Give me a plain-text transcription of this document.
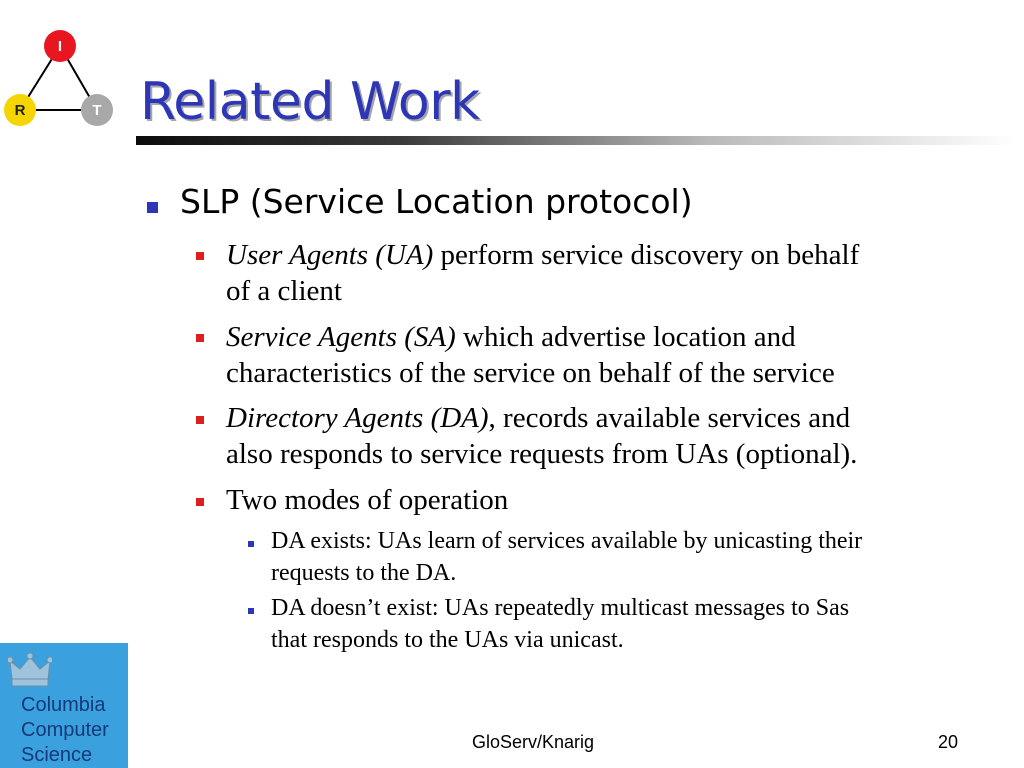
I
R	T Related Work
SLP (Service Location protocol)
User Agents (UA) perform service discovery on behalf
of a client
Service Agents (SA) which advertise location and
characteristics of the service on behalf of the service
Directory Agents (DA), records available services and
also responds to service requests from UAs (optional).
Two modes of operation
DA exists: UAs learn of services available by unicasting their
requests to the DA.
DA doesn’t exist: UAs repeatedly multicast messages to Sas
that responds to the UAs via unicast.
Columbia
Computer
Science
GloServ/Knarig	20
